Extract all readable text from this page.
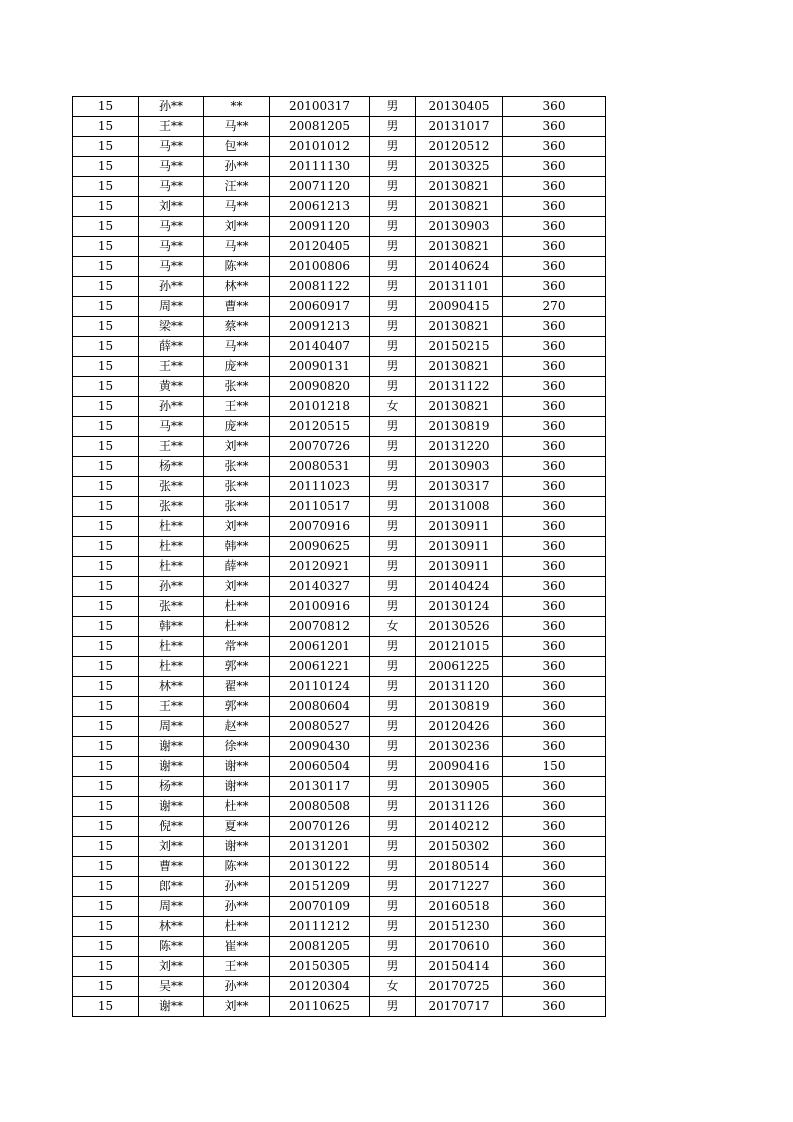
15	孙**	**	20100317	男	20130405	360
15	王**	马**	20081205	男	20131017	360
15	马**	包**	20101012	男	20120512	360
15	马**	孙**	20111130	男	20130325	360
15	马**	汪**	20071120	男	20130821	360
15	刘**	马**	20061213	男	20130821	360
15	马**	刘**	20091120	男	20130903	360
15	马**	马**	20120405	男	20130821	360
15	马**	陈**	20100806	男	20140624	360
15	孙**	林**	20081122	男	20131101	360
15	周**	曹**	20060917	男	20090415	270
15	梁**	蔡**	20091213	男	20130821	360
15	薛**	马**	20140407	男	20150215	360
15	王**	庞**	20090131	男	20130821	360
15	黄**	张**	20090820	男	20131122	360
15	孙**	王**	20101218	女	20130821	360
15	马**	庞**	20120515	男	20130819	360
15	王**	刘**	20070726	男	20131220	360
15	杨**	张**	20080531	男	20130903	360
15	张**	张**	20111023	男	20130317	360
15	张**	张**	20110517	男	20131008	360
15	杜**	刘**	20070916	男	20130911	360
15	杜**	韩**	20090625	男	20130911	360
15	杜**	薛**	20120921	男	20130911	360
15	孙**	刘**	20140327	男	20140424	360
15	张**	杜**	20100916	男	20130124	360
15	韩**	杜**	20070812	女	20130526	360
15	杜**	常**	20061201	男	20121015	360
15	杜**	郭**	20061221	男	20061225	360
15	林**	翟**	20110124	男	20131120	360
15	王**	郭**	20080604	男	20130819	360
15	周**	赵**	20080527	男	20120426	360
15	谢**	徐**	20090430	男	20130236	360
15	谢**	谢**	20060504	男	20090416	150
15	杨**	谢**	20130117	男	20130905	360
15	谢**	杜**	20080508	男	20131126	360
15	倪**	夏**	20070126	男	20140212	360
15	刘**	谢**	20131201	男	20150302	360
15	曹**	陈**	20130122	男	20180514	360
15	郎**	孙**	20151209	男	20171227	360
15	周**	孙**	20070109	男	20160518	360
15	林**	杜**	20111212	男	20151230	360
15	陈**	崔**	20081205	男	20170610	360
15	刘**	王**	20150305	男	20150414	360
15	吴**	孙**	20120304	女	20170725	360
15	谢**	刘**	20110625	男	20170717	360
